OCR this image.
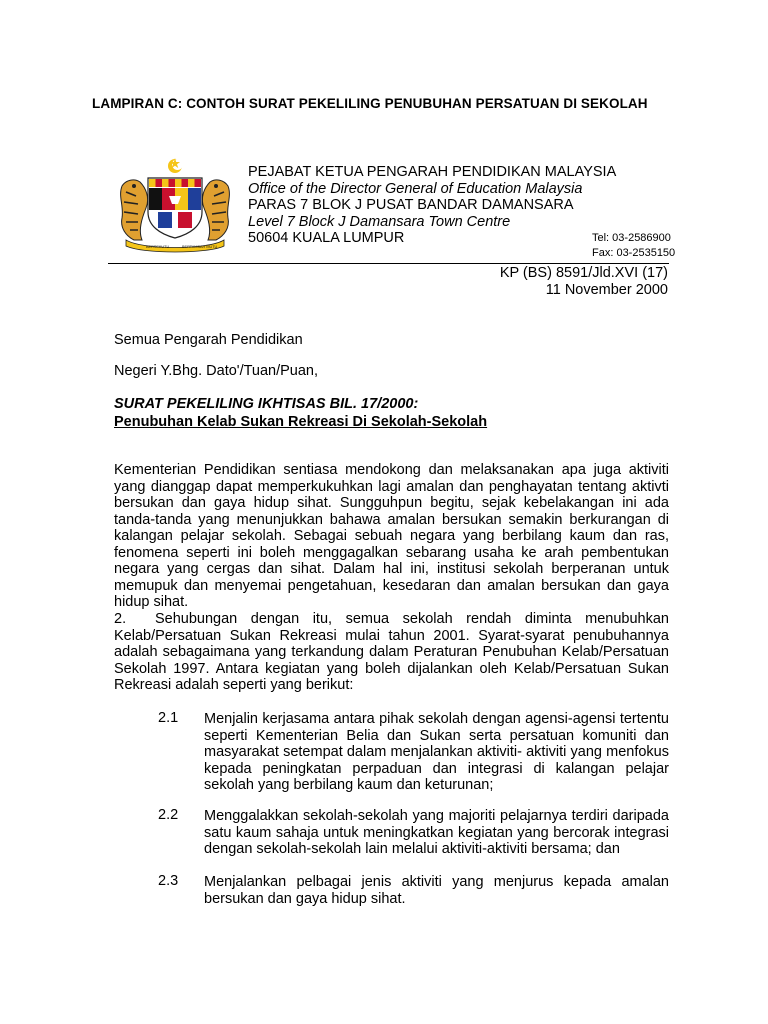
LAMPIRAN C: CONTOH SURAT PEKELILING PENUBUHAN PERSATUAN DI SEKOLAH
BERSEKUTU	BERTAMBAH MUTU

PEJABAT KETUA PENGARAH PENDIDIKAN MALAYSIA

Office of the Director General of Education Malaysia

PARAS 7 BLOK J PUSAT BANDAR DAMANSARA

Level 7 Block J Damansara Town Centre

50604 KUALA LUMPUR	Tel: 03-2586900

Fax: 03-2535150

KP (BS) 8591/Jld.XVI (17)

11 November 2000

Semua Pengarah Pendidikan

Negeri Y.Bhg. Dato'/Tuan/Puan,

SURAT PEKELILING IKHTISAS BIL. 17/2000:

Penubuhan Kelab Sukan Rekreasi Di Sekolah-Sekolah

Kementerian Pendidikan sentiasa mendokong dan melaksanakan apa juga aktiviti yang dianggap dapat memperkukuhkan lagi amalan dan penghayatan tentang aktivti bersukan dan gaya hidup sihat. Sungguhpun begitu, sejak kebelakangan ini ada tanda-tanda yang menunjukkan bahawa amalan bersukan semakin berkurangan di kalangan pelajar sekolah. Sebagai sebuah negara yang berbilang kaum dan ras, fenomena seperti ini boleh menggagalkan sebarang usaha ke arah pembentukan negara yang cergas dan sihat. Dalam hal ini, institusi sekolah berperanan untuk memupuk dan menyemai pengetahuan, kesedaran dan amalan bersukan dan gaya hidup sihat.

2. Sehubungan dengan itu, semua sekolah rendah diminta menubuhkan Kelab/Persatuan Sukan Rekreasi mulai tahun 2001. Syarat-syarat penubuhannya adalah sebagaimana yang terkandung dalam Peraturan Penubuhan Kelab/Persatuan Sekolah 1997. Antara kegiatan yang boleh dijalankan oleh Kelab/Persatuan Sukan Rekreasi adalah seperti yang berikut:

2.1 Menjalin kerjasama antara pihak sekolah dengan agensi-agensi tertentu seperti Kementerian Belia dan Sukan serta persatuan komuniti dan masyarakat setempat dalam menjalankan aktiviti- aktiviti yang menfokus kepada peningkatan perpaduan dan integrasi di kalangan pelajar sekolah yang berbilang kaum dan keturunan;

2.2 Menggalakkan sekolah-sekolah yang majoriti pelajarnya terdiri daripada satu kaum sahaja untuk meningkatkan kegiatan yang bercorak integrasi dengan sekolah-sekolah lain melalui aktiviti-aktiviti bersama; dan

2.3 Menjalankan pelbagai jenis aktiviti yang menjurus kepada amalan bersukan dan gaya hidup sihat.
